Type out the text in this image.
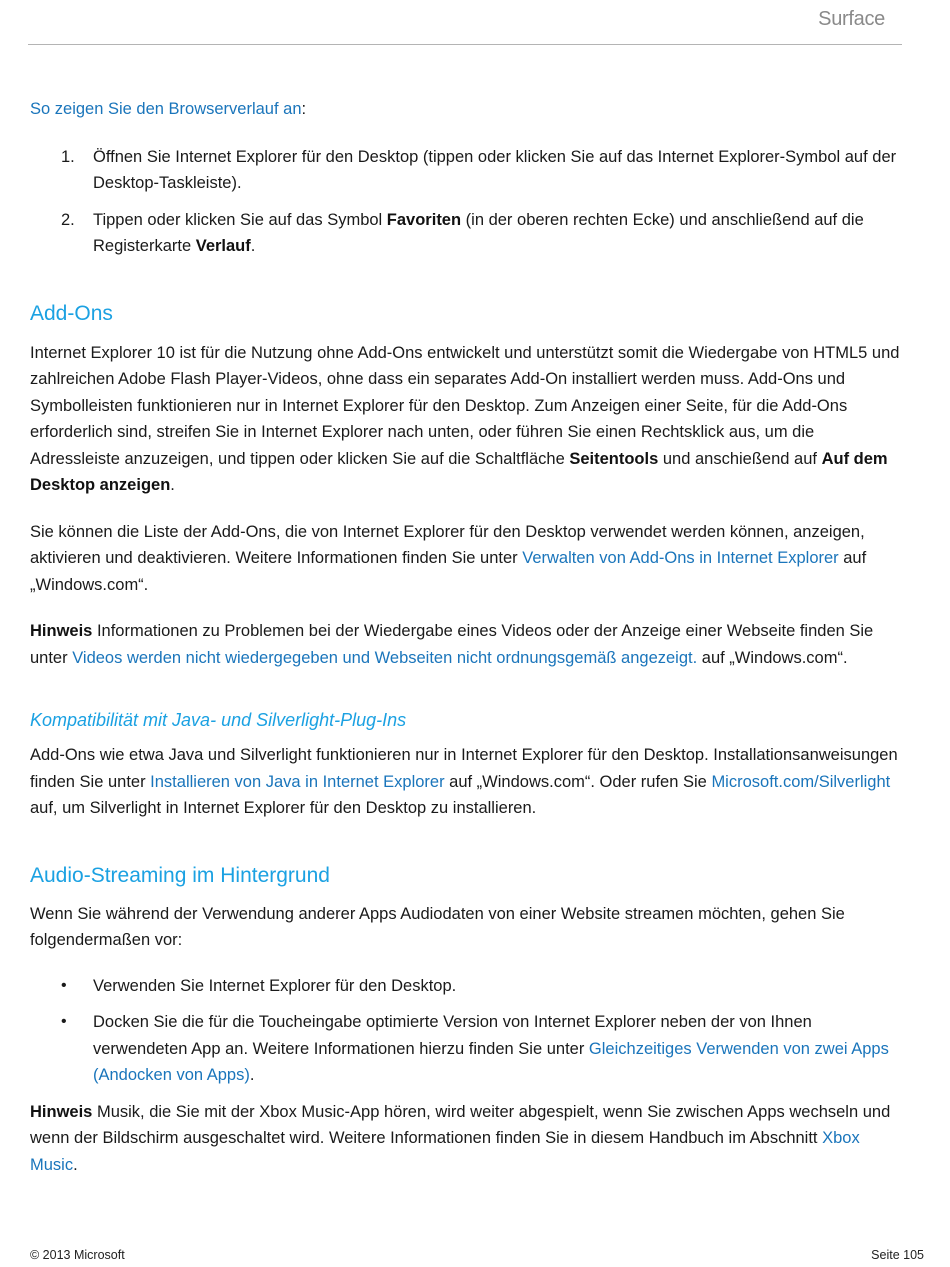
Surface

So zeigen Sie den Browserverlauf an:

1. Öffnen Sie Internet Explorer für den Desktop (tippen oder klicken Sie auf das Internet Explorer-Symbol auf der Desktop-Taskleiste).
2. Tippen oder klicken Sie auf das Symbol Favoriten (in der oberen rechten Ecke) und anschließend auf die Registerkarte Verlauf.
Add-Ons

Internet Explorer 10 ist für die Nutzung ohne Add-Ons entwickelt und unterstützt somit die Wiedergabe von HTML5 und zahlreichen Adobe Flash Player-Videos, ohne dass ein separates Add-On installiert werden muss. Add-Ons und Symbolleisten funktionieren nur in Internet Explorer für den Desktop. Zum Anzeigen einer Seite, für die Add-Ons erforderlich sind, streifen Sie in Internet Explorer nach unten, oder führen Sie einen Rechtsklick aus, um die Adressleiste anzuzeigen, und tippen oder klicken Sie auf die Schaltfläche Seitentools und anschießend auf Auf dem Desktop anzeigen.

Sie können die Liste der Add-Ons, die von Internet Explorer für den Desktop verwendet werden können, anzeigen, aktivieren und deaktivieren. Weitere Informationen finden Sie unter Verwalten von Add-Ons in Internet Explorer auf „Windows.com“.

Hinweis Informationen zu Problemen bei der Wiedergabe eines Videos oder der Anzeige einer Webseite finden Sie unter Videos werden nicht wiedergegeben und Webseiten nicht ordnungsgemäß angezeigt. auf „Windows.com“.

Kompatibilität mit Java- und Silverlight-Plug-Ins

Add-Ons wie etwa Java und Silverlight funktionieren nur in Internet Explorer für den Desktop. Installationsanweisungen finden Sie unter Installieren von Java in Internet Explorer auf „Windows.com“. Oder rufen Sie Microsoft.com/Silverlight auf, um Silverlight in Internet Explorer für den Desktop zu installieren.

Audio-Streaming im Hintergrund

Wenn Sie während der Verwendung anderer Apps Audiodaten von einer Website streamen möchten, gehen Sie folgendermaßen vor:

• Verwenden Sie Internet Explorer für den Desktop.
• Docken Sie die für die Toucheingabe optimierte Version von Internet Explorer neben der von Ihnen verwendeten App an. Weitere Informationen hierzu finden Sie unter Gleichzeitiges Verwenden von zwei Apps (Andocken von Apps).

Hinweis Musik, die Sie mit der Xbox Music-App hören, wird weiter abgespielt, wenn Sie zwischen Apps wechseln und wenn der Bildschirm ausgeschaltet wird. Weitere Informationen finden Sie in diesem Handbuch im Abschnitt Xbox Music.

© 2013 Microsoft	Seite 105
